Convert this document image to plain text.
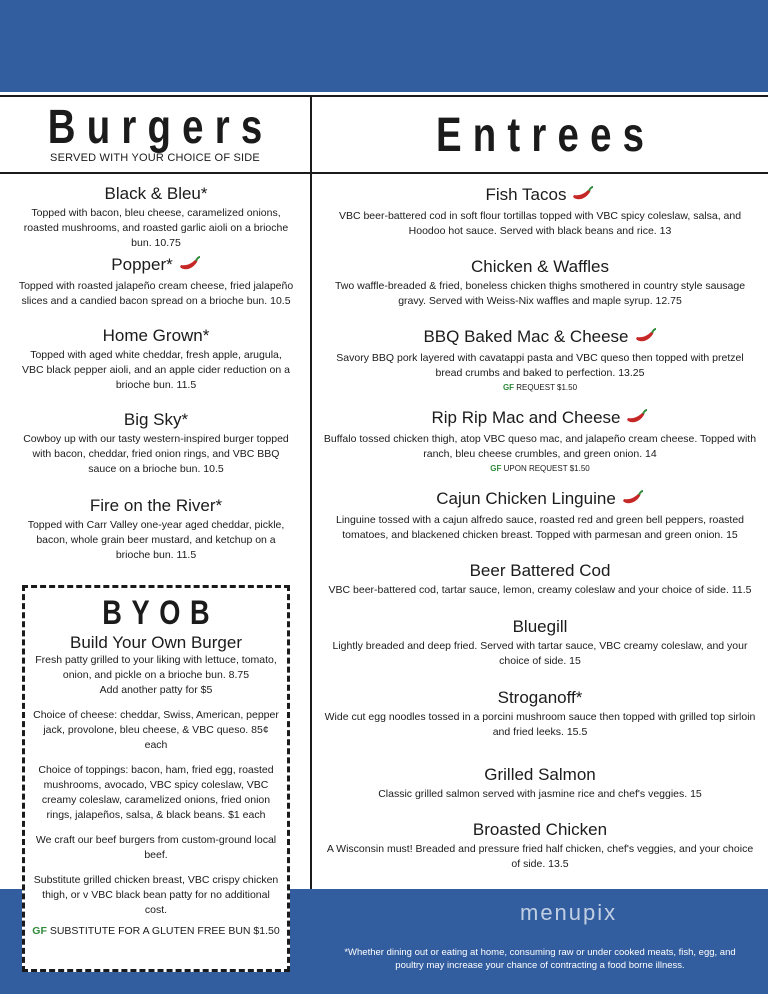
Burgers
SERVED WITH YOUR CHOICE OF SIDE	Entrees
Black & Bleu*
Topped with bacon, bleu cheese, caramelized onions, roasted mushrooms, and roasted garlic aioli on a brioche bun. 10.75
Popper*
Topped with roasted jalapeño cream cheese, fried jalapeño slices and a candied bacon spread on a brioche bun. 10.5
Home Grown*
Topped with aged white cheddar, fresh apple, arugula, VBC black pepper aioli, and an apple cider reduction on a brioche bun. 11.5
Big Sky*
Cowboy up with our tasty western-inspired burger topped with bacon, cheddar, fried onion rings, and VBC BBQ sauce on a brioche bun. 10.5
Fire on the River*
Topped with Carr Valley one-year aged cheddar, pickle, bacon, whole grain beer mustard, and ketchup on a brioche bun. 11.5
BYOB
Build Your Own Burger

Fresh patty grilled to your liking with lettuce, tomato, onion, and pickle on a brioche bun. 8.75

Add another patty for $5

Choice of cheese: cheddar, Swiss, American, pepper jack, provolone, bleu cheese, & VBC queso. 85¢ each

Choice of toppings: bacon, ham, fried egg, roasted mushrooms, avocado, VBC spicy coleslaw, VBC creamy coleslaw, caramelized onions, fried onion rings, jalapeños, salsa, & black beans. $1 each

We craft our beef burgers from custom-ground local beef.

Substitute grilled chicken breast, VBC crispy chicken thigh, or v VBC black bean patty for no additional cost.

GF SUBSTITUTE FOR A GLUTEN FREE BUN $1.50

Fish Tacos
VBC beer-battered cod in soft flour tortillas topped with VBC spicy coleslaw, salsa, and Hoodoo hot sauce. Served with black beans and rice. 13
Chicken & Waffles
Two waffle-breaded & fried, boneless chicken thighs smothered in country style sausage gravy. Served with Weiss-Nix waffles and maple syrup. 12.75
BBQ Baked Mac & Cheese
Savory BBQ pork layered with cavatappi pasta and VBC queso then topped with pretzel bread crumbs and baked to perfection. 13.25
GF REQUEST $1.50
Rip Rip Mac and Cheese
Buffalo tossed chicken thigh, atop VBC queso mac, and jalapeño cream cheese. Topped with ranch, bleu cheese crumbles, and green onion. 14
GF UPON REQUEST $1.50
Cajun Chicken Linguine
Linguine tossed with a cajun alfredo sauce, roasted red and green bell peppers, roasted tomatoes, and blackened chicken breast. Topped with parmesan and green onion. 15
Beer Battered Cod
VBC beer-battered cod, tartar sauce, lemon, creamy coleslaw and your choice of side. 11.5
Bluegill
Lightly breaded and deep fried. Served with tartar sauce, VBC creamy coleslaw, and your choice of side. 15
Stroganoff*
Wide cut egg noodles tossed in a porcini mushroom sauce then topped with grilled top sirloin and fried leeks. 15.5
Grilled Salmon
Classic grilled salmon served with jasmine rice and chef's veggies. 15
Broasted Chicken
A Wisconsin must! Breaded and pressure fried half chicken, chef's veggies, and your choice of side. 13.5
menupix
*Whether dining out or eating at home, consuming raw or under cooked meats, fish, egg, and poultry may increase your chance of contracting a food borne illness.
